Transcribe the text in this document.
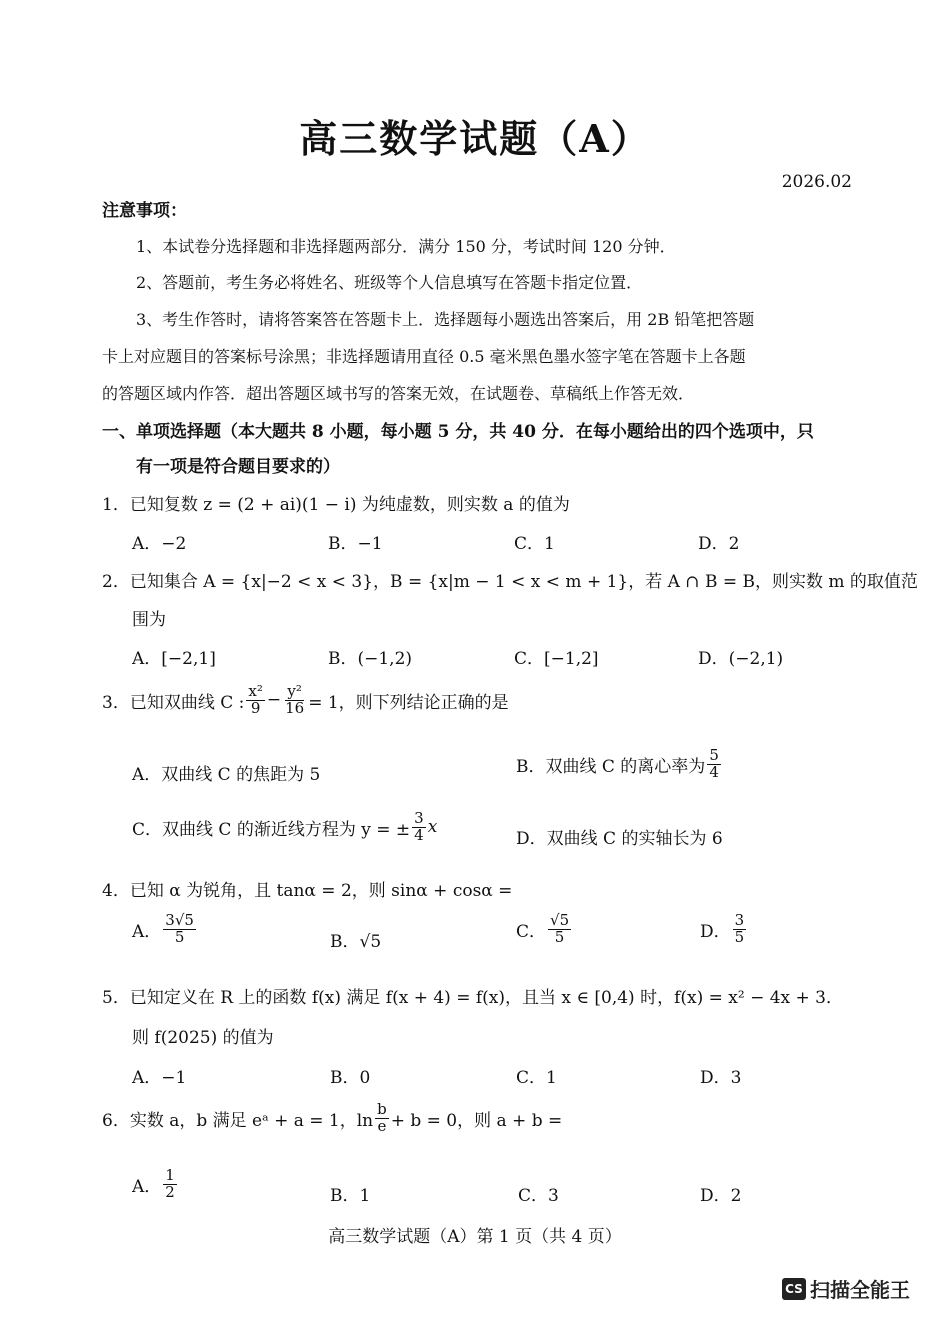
高三数学试题（A）
2026.02
注意事项：
1、本试卷分选择题和非选择题两部分．满分 150 分，考试时间 120 分钟．
2、答题前，考生务必将姓名、班级等个人信息填写在答题卡指定位置．
3、考生作答时，请将答案答在答题卡上．选择题每小题选出答案后，用 2B 铅笔把答题
卡上对应题目的答案标号涂黑；非选择题请用直径 0.5 毫米黑色墨水签字笔在答题卡上各题
的答题区域内作答．超出答题区域书写的答案无效，在试题卷、草稿纸上作答无效．
一、单项选择题（本大题共 8 小题，每小题 5 分，共 40 分．在每小题给出的四个选项中，只
有一项是符合题目要求的）
1．已知复数 z = (2 + ai)(1 − i) 为纯虚数，则实数 a 的值为
A．−2	B．−1	C．1	D．2
2．已知集合 A = {x|−2 < x < 3}，B = {x|m − 1 < x < m + 1}，若 A ∩ B = B，则实数 m 的取值范
围为
A．[−2,1]	B．(−1,2)	C．[−1,2]	D．(−2,1)
3．已知双曲线 C : $\frac{\text{x²}}{9} - \frac{\text{y²}}{16} = 1$，则下列结论正确的是
A．双曲线 C 的焦距为 5	B．双曲线 C 的离心率为 $\frac{5}{4}$
C．双曲线 C 的渐近线方程为 y = ± $\frac{3}{4}$ x
D．双曲线 C 的实轴长为 6
4．已知 α 为锐角，且 tanα = 2，则 sinα + cosα =
A． $\frac{3√5}{5}$	B．√5
C． $\frac{√5}{5}$	D． $\frac{3}{5}$
5．已知定义在 R 上的函数 f(x) 满足 f(x + 4) = f(x)，且当 x ∈ [0,4) 时，f(x) = x² − 4x + 3．
则 f(2025) 的值为
A．−1	B．0	C．1	D．3
6．实数 a，b 满足 eᵃ + a = 1，$\ln \frac{b}{e} + b = 0$，则 a + b =
A． $\frac{1}{2}$	B．1	C．3	D．2
高三数学试题（A）第 1 页（共 4 页）
CS 扫描全能王
